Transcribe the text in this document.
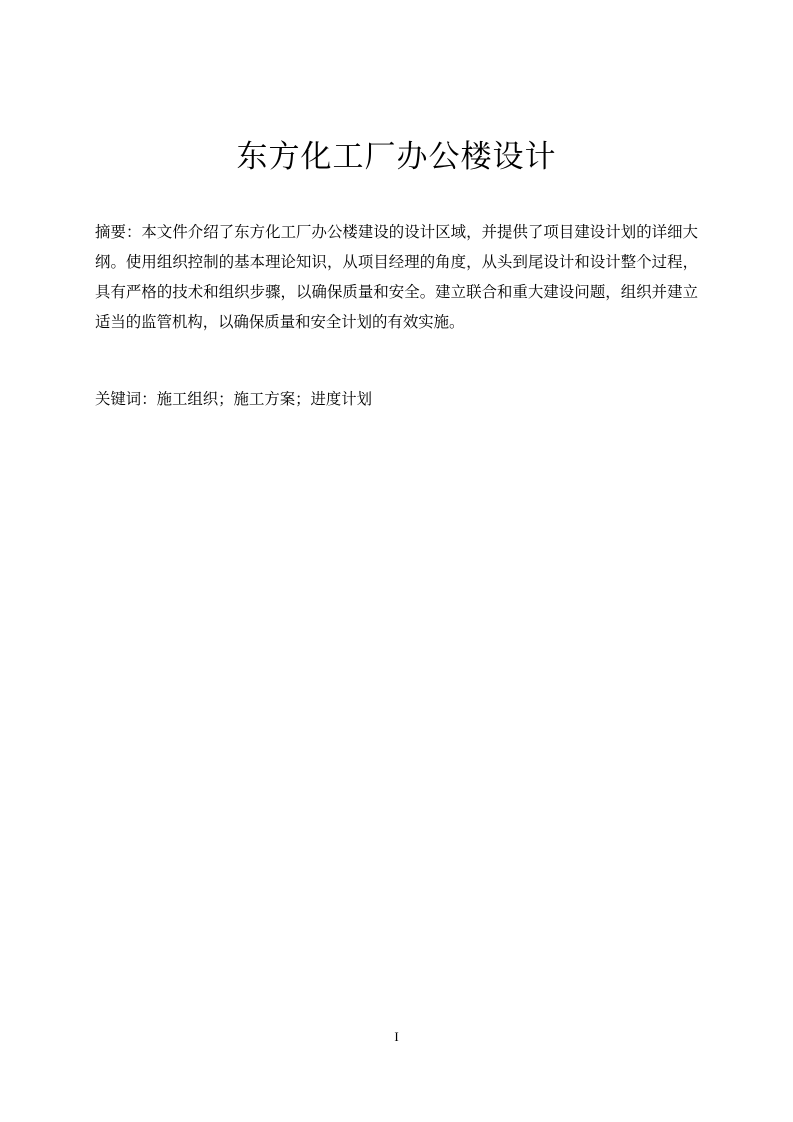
东方化工厂办公楼设计

摘要：本文件介绍了东方化工厂办公楼建设的设计区域，并提供了项目建设计划的详细大纲。使用组织控制的基本理论知识，从项目经理的角度，从头到尾设计和设计整个过程，具有严格的技术和组织步骤，以确保质量和安全。建立联合和重大建设问题，组织并建立适当的监管机构，以确保质量和安全计划的有效实施。

关键词：施工组织；施工方案；进度计划

I
